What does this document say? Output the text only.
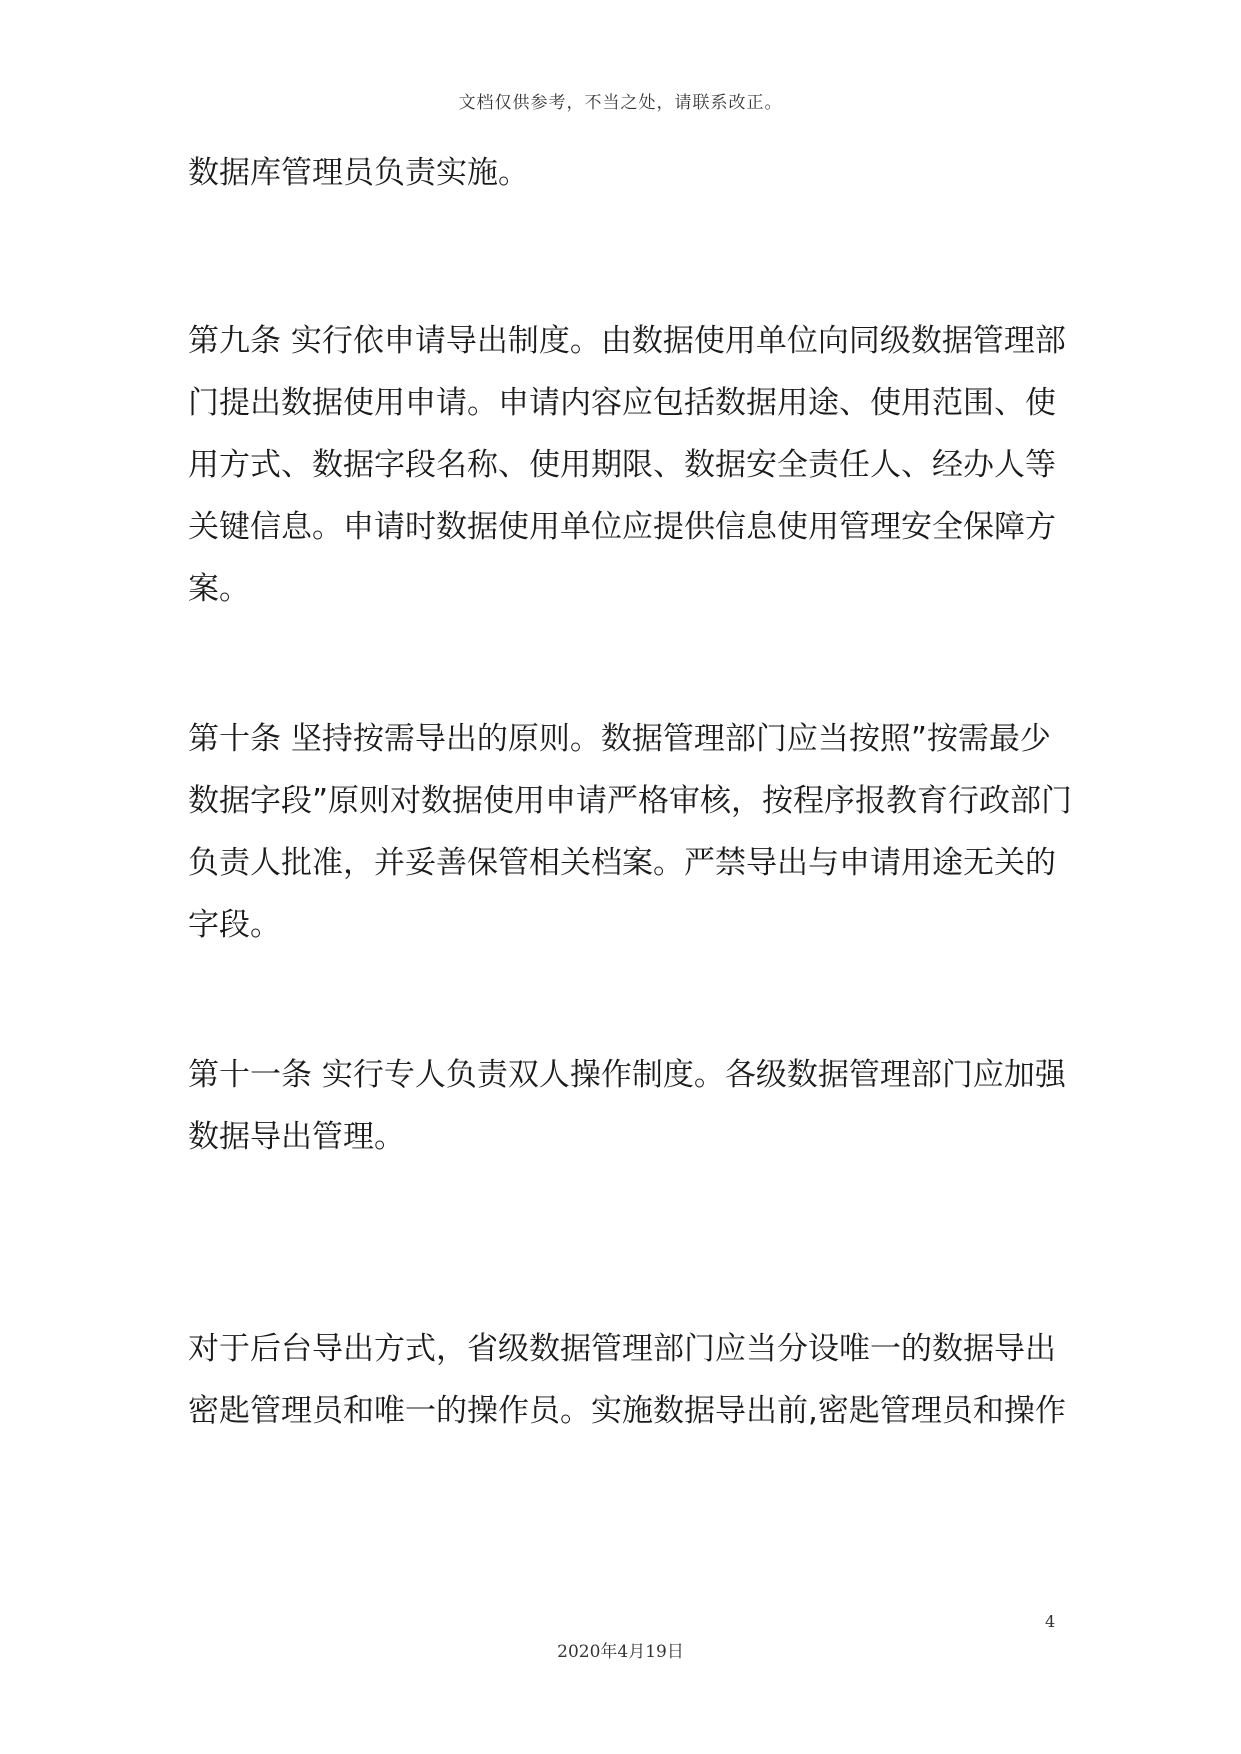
文档仅供参考，不当之处，请联系改正。

数据库管理员负责实施。

第九条 实行依申请导出制度。由数据使用单位向同级数据管理部
门提出数据使用申请。申请内容应包括数据用途、使用范围、使
用方式、数据字段名称、使用期限、数据安全责任人、经办人等
关键信息。申请时数据使用单位应提供信息使用管理安全保障方
案。

第十条 坚持按需导出的原则。数据管理部门应当按照”按需最少
数据字段”原则对数据使用申请严格审核，按程序报教育行政部门
负责人批准，并妥善保管相关档案。严禁导出与申请用途无关的
字段。

第十一条 实行专人负责双人操作制度。各级数据管理部门应加强
数据导出管理。

对于后台导出方式，省级数据管理部门应当分设唯一的数据导出
密匙管理员和唯一的操作员。实施数据导出前,密匙管理员和操作

4
2020年4月19日
